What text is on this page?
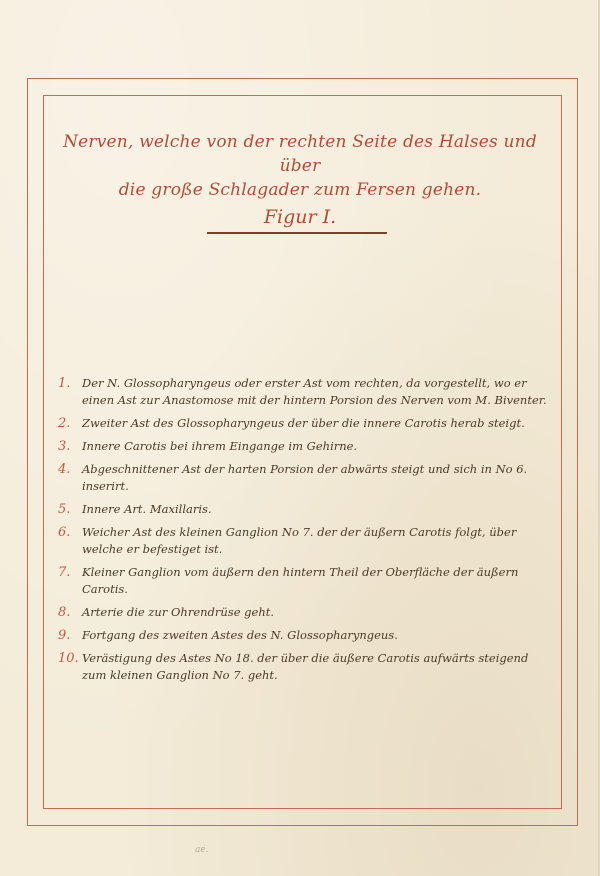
Nerven, welche von der rechten Seite des Halses und über
die große Schlagader zum Fersen gehen.
Figur I.
1. Der N. Glossopharyngeus oder erster Ast vom rechten, da vorgestellt, wo er einen Ast zur Anastomose mit der hintern Porsion des Nerven vom M. Biventer.
2. Zweiter Ast des Glossopharyngeus der über die innere Carotis herab steigt.
3. Innere Carotis bei ihrem Eingange im Gehirne.
4. Abgeschnittener Ast der harten Porsion der abwärts steigt und sich in No 6. inserirt.
5. Innere Art. Maxillaris.
6. Weicher Ast des kleinen Ganglion No 7. der der äußern Carotis folgt, über welche er befestiget ist.
7. Kleiner Ganglion vom äußern den hintern Theil der Oberfläche der äußern Carotis.
8. Arterie die zur Ohrendrüse geht.
9. Fortgang des zweiten Astes des N. Glossopharyngeus.
10. Verästigung des Astes No 18. der über die äußere Carotis aufwärts steigend zum kleinen Ganglion No 7. geht.
ae.
